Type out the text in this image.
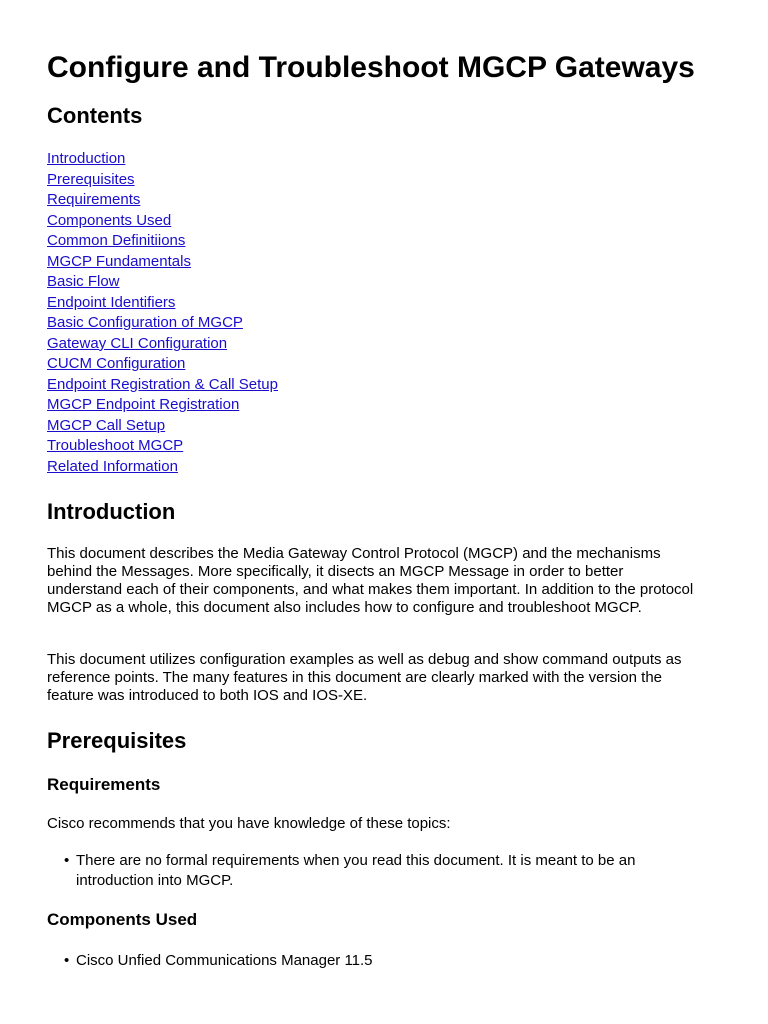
Configure and Troubleshoot MGCP Gateways
Contents
Introduction
Prerequisites
Requirements
Components Used
Common Definitiions
MGCP Fundamentals
Basic Flow
Endpoint Identifiers
Basic Configuration of MGCP
Gateway CLI Configuration
CUCM Configuration
Endpoint Registration & Call Setup
MGCP Endpoint Registration
MGCP Call Setup
Troubleshoot MGCP
Related Information
Introduction

This document describes the Media Gateway Control Protocol (MGCP) and the mechanisms
behind the Messages. More specifically, it disects an MGCP Message in order to better
understand each of their components, and what makes them important. In addition to the protocol
MGCP as a whole, this document also includes how to configure and troubleshoot MGCP.

This document utilizes configuration examples as well as debug and show command outputs as
reference points. The many features in this document are clearly marked with the version the
feature was introduced to both IOS and IOS-XE.

Prerequisites
Requirements

Cisco recommends that you have knowledge of these topics:

• There are no formal requirements when you read this document. It is meant to be an
introduction into MGCP.
Components Used
• Cisco Unfied Communications Manager 11.5
